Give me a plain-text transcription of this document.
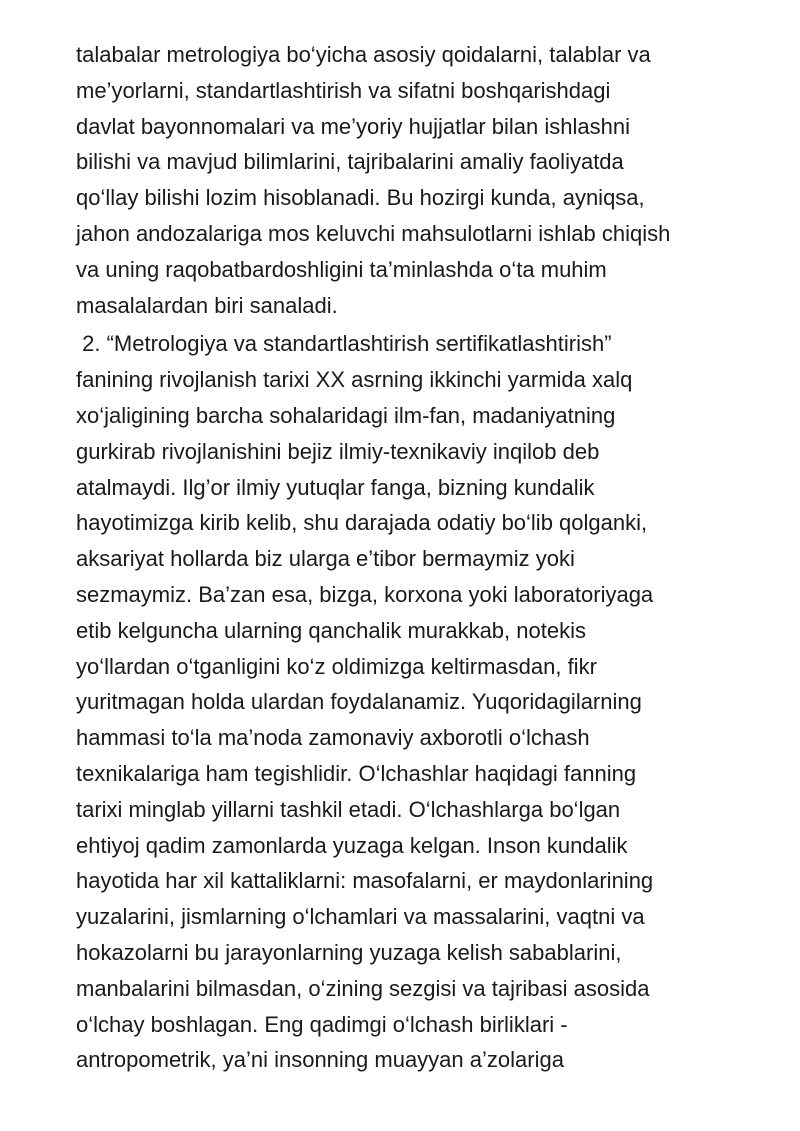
talabalar metrologiya bo‘yicha asosiy qoidalarni, talablar va
me’yorlarni, standartlashtirish va sifatni boshqarishdagi
davlat bayonnomalari va me’yoriy hujjatlar bilan ishlashni
bilishi va mavjud bilimlarini, tajribalarini amaliy faoliyatda
qo‘llay bilishi lozim hisoblanadi. Bu hozirgi kunda, ayniqsa,
jahon andozalariga mos keluvchi mahsulotlarni ishlab chiqish
va uning raqobatbardoshligini ta’minlashda o‘ta muhim
masalalardan biri sanaladi.
2. “Metrologiya va standartlashtirish sertifikatlashtirish”
fanining rivojlanish tarixi XX asrning ikkinchi yarmida xalq
xo‘jaligining barcha sohalaridagi ilm-fan, madaniyatning
gurkirab rivojlanishini bejiz ilmiy-texnikaviy inqilob deb
atalmaydi. Ilg’or ilmiy yutuqlar fanga, bizning kundalik
hayotimizga kirib kelib, shu darajada odatiy bo‘lib qolganki,
aksariyat hollarda biz ularga e’tibor bermaymiz yoki
sezmaymiz. Ba’zan esa, bizga, korxona yoki laboratoriyaga
etib kelguncha ularning qanchalik murakkab, notekis
yo‘llardan o‘tganligini ko‘z oldimizga keltirmasdan, fikr
yuritmagan holda ulardan foydalanamiz. Yuqoridagilarning
hammasi to‘la ma’noda zamonaviy axborotli o‘lchash
texnikalariga ham tegishlidir. O‘lchashlar haqidagi fanning
tarixi minglab yillarni tashkil etadi. O‘lchashlarga bo‘lgan
ehtiyoj qadim zamonlarda yuzaga kelgan. Inson kundalik
hayotida har xil kattaliklarni: masofalarni, er maydonlarining
yuzalarini, jismlarning o‘lchamlari va massalarini, vaqtni va
hokazolarni bu jarayonlarning yuzaga kelish sabablarini,
manbalarini bilmasdan, o‘zining sezgisi va tajribasi asosida
o‘lchay boshlagan. Eng qadimgi o‘lchash birliklari -
antropometrik, ya’ni insonning muayyan a’zolariga
